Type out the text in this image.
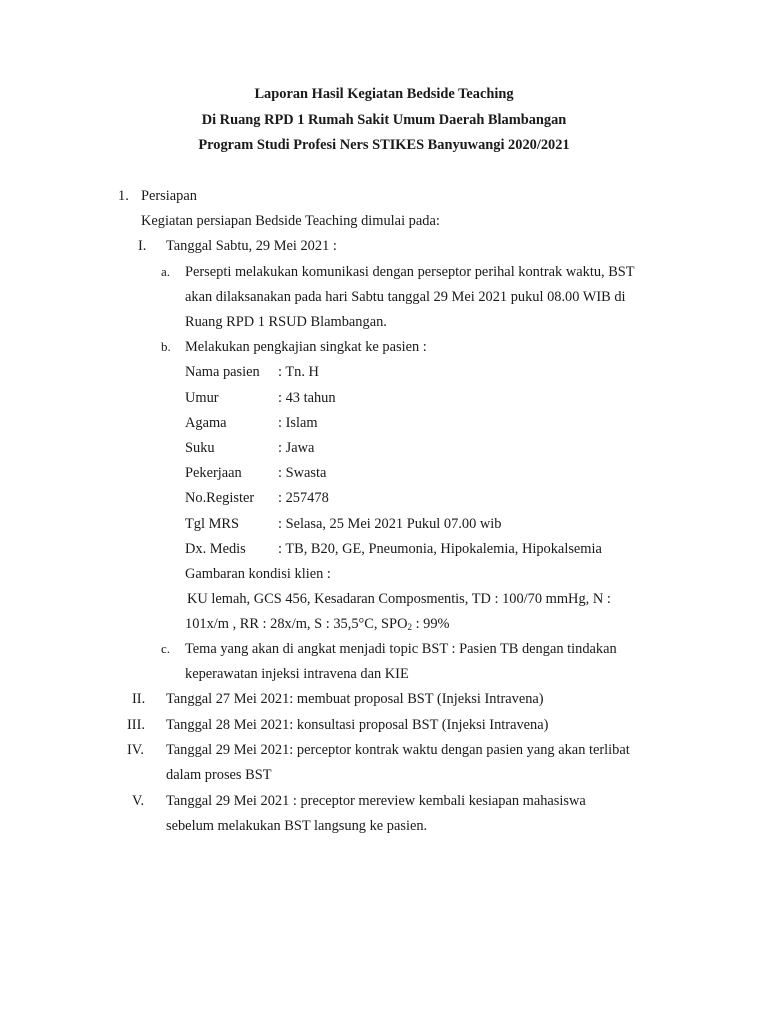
Laporan Hasil Kegiatan Bedside Teaching
Di Ruang RPD 1 Rumah Sakit Umum Daerah Blambangan
Program Studi Profesi Ners STIKES Banyuwangi 2020/2021
1. Persiapan
Kegiatan persiapan Bedside Teaching dimulai pada:
I. Tanggal Sabtu, 29 Mei 2021 :
a. Persepti melakukan komunikasi dengan perseptor perihal kontrak waktu, BST
akan dilaksanakan pada hari Sabtu tanggal 29 Mei 2021 pukul 08.00 WIB di
Ruang RPD 1 RSUD Blambangan.
b. Melakukan pengkajian singkat ke pasien :
Nama pasien : Tn. H
Umur	: 43 tahun
Agama	: Islam
Suku	: Jawa
Pekerjaan	: Swasta
No.Register : 257478
Tgl MRS	: Selasa, 25 Mei 2021 Pukul 07.00 wib
Dx. Medis : TB, B20, GE, Pneumonia, Hipokalemia, Hipokalsemia
Gambaran kondisi klien :
KU lemah, GCS 456, Kesadaran Composmentis, TD : 100/70 mmHg, N :
101x/m , RR : 28x/m, S : 35,5°C, $SPO_2$ : 99%
c. Tema yang akan di angkat menjadi topic BST : Pasien TB dengan tindakan
keperawatan injeksi intravena dan KIE
II. Tanggal 27 Mei 2021: membuat proposal BST (Injeksi Intravena)
III. Tanggal 28 Mei 2021: konsultasi proposal BST (Injeksi Intravena)
IV. Tanggal 29 Mei 2021: perceptor kontrak waktu dengan pasien yang akan terlibat
dalam proses BST
V. Tanggal 29 Mei 2021 : preceptor mereview kembali kesiapan mahasiswa
sebelum melakukan BST langsung ke pasien.
